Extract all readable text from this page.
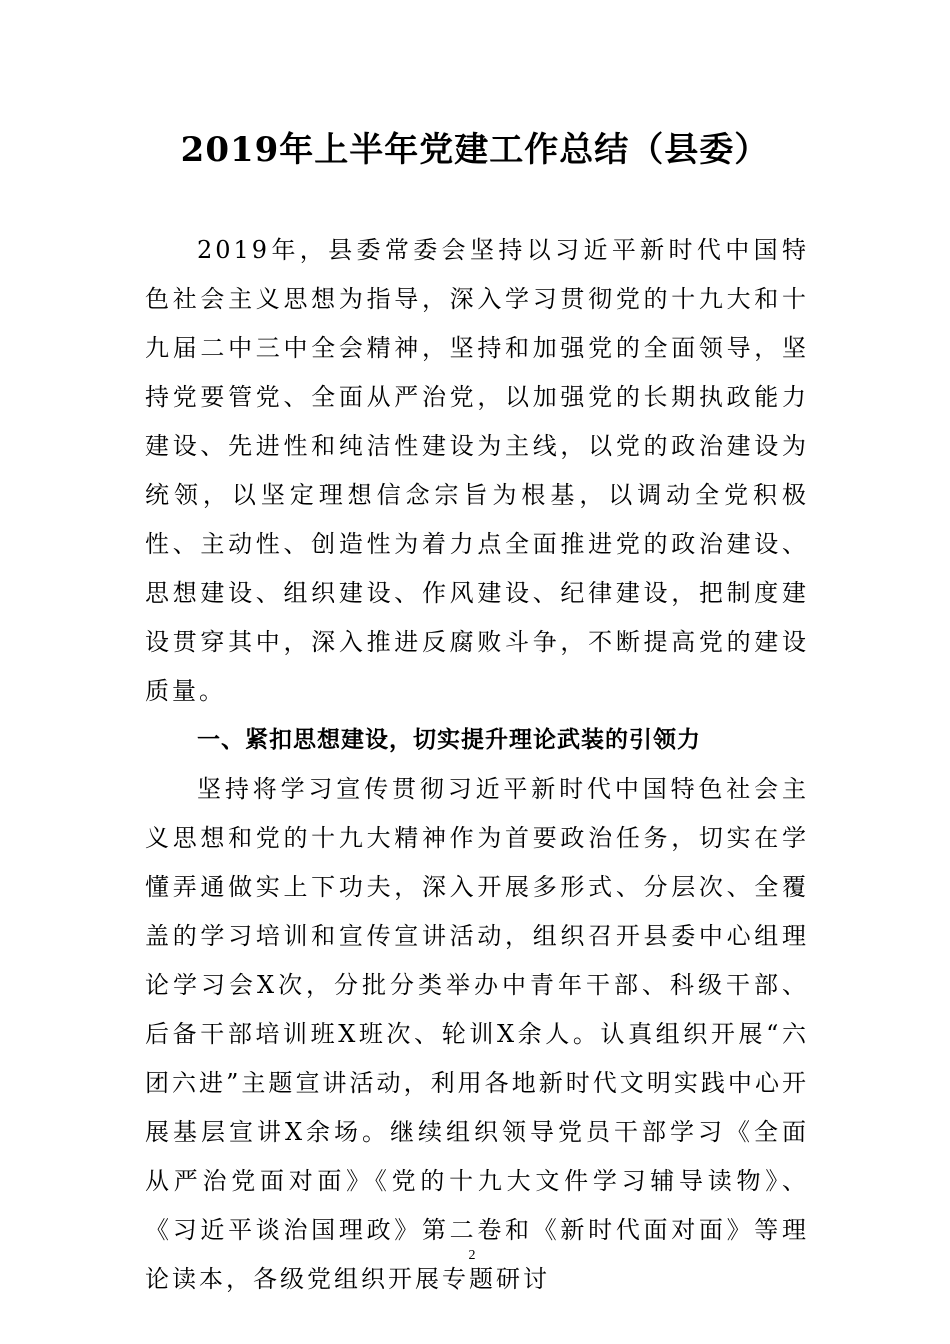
2019年上半年党建工作总结（县委）

2019年，县委常委会坚持以习近平新时代中国特色社会主义思想为指导，深入学习贯彻党的十九大和十九届二中三中全会精神，坚持和加强党的全面领导，坚持党要管党、全面从严治党，以加强党的长期执政能力建设、先进性和纯洁性建设为主线，以党的政治建设为统领，以坚定理想信念宗旨为根基，以调动全党积极性、主动性、创造性为着力点全面推进党的政治建设、思想建设、组织建设、作风建设、纪律建设，把制度建设贯穿其中，深入推进反腐败斗争，不断提高党的建设质量。

一、紧扣思想建设，切实提升理论武装的引领力

坚持将学习宣传贯彻习近平新时代中国特色社会主义思想和党的十九大精神作为首要政治任务，切实在学懂弄通做实上下功夫，深入开展多形式、分层次、全覆盖的学习培训和宣传宣讲活动，组织召开县委中心组理论学习会X次，分批分类举办中青年干部、科级干部、后备干部培训班X班次、轮训X余人。认真组织开展“六团六进”主题宣讲活动，利用各地新时代文明实践中心开展基层宣讲X余场。继续组织领导党员干部学习《全面从严治党面对面》《党的十九大文件学习辅导读物》、《习近平谈治国理政》第二卷和《新时代面对面》等理论读本，各级党组织开展专题研讨

2
